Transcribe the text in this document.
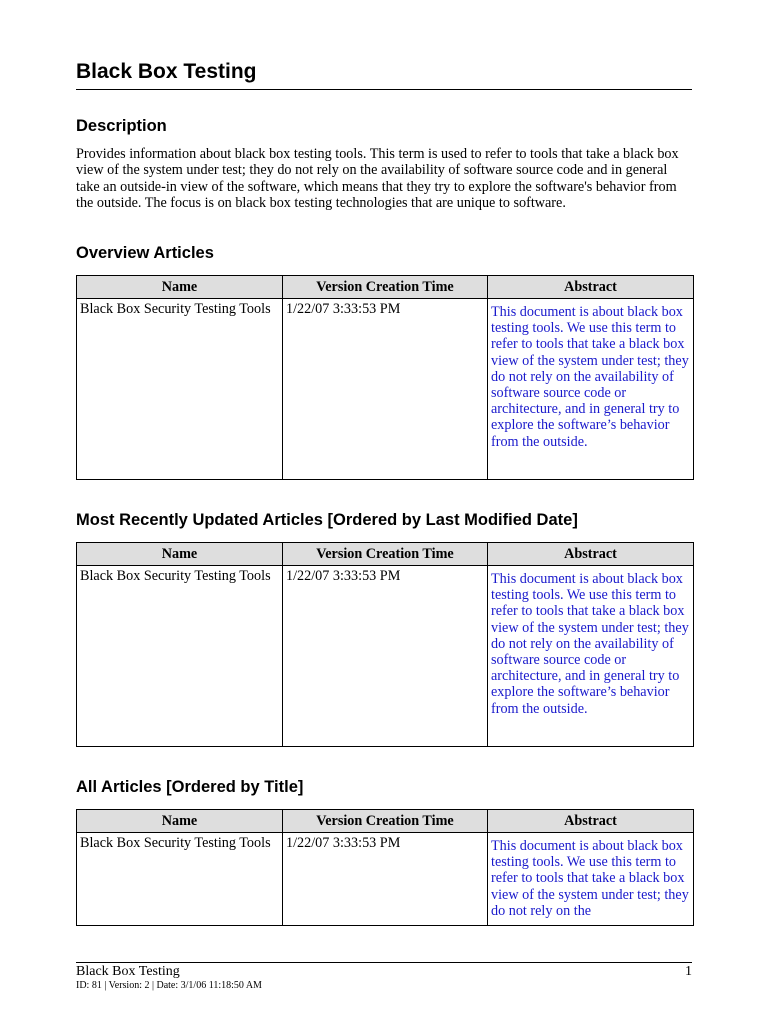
Black Box Testing
Description
Provides information about black box testing tools. This term is used to refer to tools that take a black box view of the system under test; they do not rely on the availability of software source code and in general take an outside-in view of the software, which means that they try to explore the software's behavior from the outside. The focus is on black box testing technologies that are unique to software.
Overview Articles
Name	Version Creation Time	Abstract
Black Box Security Testing Tools	1/22/07 3:33:53 PM	This document is about black box testing tools. We use this term to refer to tools that take a black box view of the system under test; they do not rely on the availability of software source code or architecture, and in general try to explore the software’s behavior from the outside.
Most Recently Updated Articles [Ordered by Last Modified Date]
Name	Version Creation Time	Abstract
Black Box Security Testing Tools	1/22/07 3:33:53 PM	This document is about black box testing tools. We use this term to refer to tools that take a black box view of the system under test; they do not rely on the availability of software source code or architecture, and in general try to explore the software’s behavior from the outside.
All Articles [Ordered by Title]
Name	Version Creation Time	Abstract
Black Box Security Testing Tools	1/22/07 3:33:53 PM	This document is about black box testing tools. We use this term to refer to tools that take a black box view of the system under test; they do not rely on the
Black Box Testing	1
ID: 81 | Version: 2 | Date: 3/1/06 11:18:50 AM
